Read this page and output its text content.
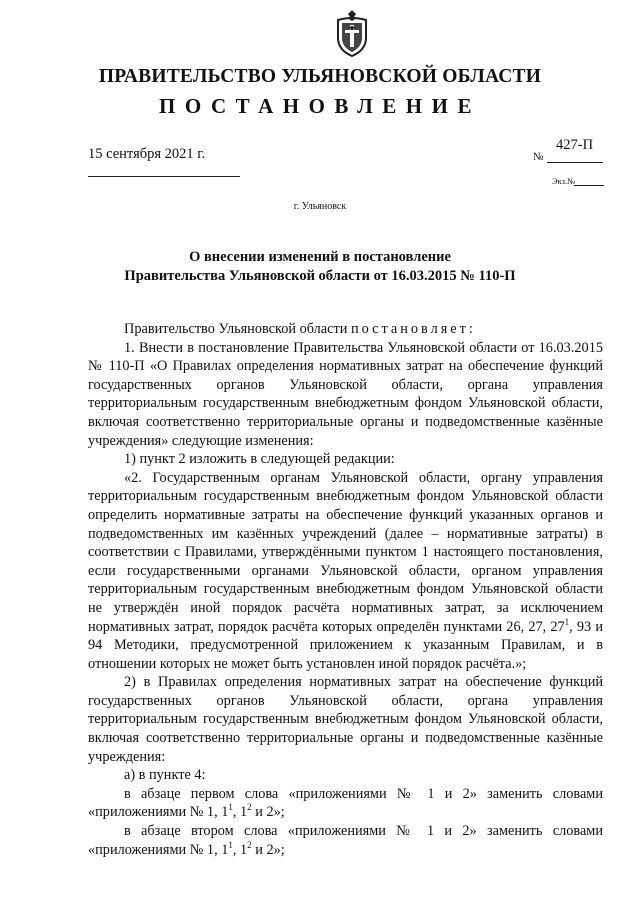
ПРАВИТЕЛЬСТВО УЛЬЯНОВСКОЙ ОБЛАСТИ
ПОСТАНОВЛЕНИЕ
15 сентября 2021 г.
427-П
№
Экз.№
г. Ульяновск
О внесении изменений в постановление
Правительства Ульяновской области от 16.03.2015 № 110-П

Правительство Ульяновской области постановляет:

1. Внести в постановление Правительства Ульяновской области от 16.03.2015 № 110-П «О Правилах определения нормативных затрат на обеспечение функций государственных органов Ульяновской области, органа управления территориальным государственным внебюджетным фондом Ульяновской области, включая соответственно территориальные органы и подведомственные казённые учреждения» следующие изменения:

1) пункт 2 изложить в следующей редакции:

«2. Государственным органам Ульяновской области, органу управления территориальным государственным внебюджетным фондом Ульяновской области определить нормативные затраты на обеспечение функций указанных органов и подведомственных им казённых учреждений (далее – нормативные затраты) в соответствии с Правилами, утверждёнными пунктом 1 настоящего постановления, если государственными органами Ульяновской области, органом управления территориальным государственным внебюджетным фондом Ульяновской области не утверждён иной порядок расчёта нормативных затрат, за исключением нормативных затрат, порядок расчёта которых определён пунктами 26, 27, $27^1$, 93 и 94 Методики, предусмотренной приложением к указанным Правилам, и в отношении которых не может быть установлен иной порядок расчёта.»;

2) в Правилах определения нормативных затрат на обеспечение функций государственных органов Ульяновской области, органа управления территориальным государственным внебюджетным фондом Ульяновской области, включая соответственно территориальные органы и подведомственные казённые учреждения:

а) в пункте 4:

в абзаце первом слова «приложениями № 1 и 2» заменить словами «приложениями № 1, $1^1$, $1^2$ и 2»;

в абзаце втором слова «приложениями № 1 и 2» заменить словами «приложениями № 1, $1^1$, $1^2$ и 2»;
